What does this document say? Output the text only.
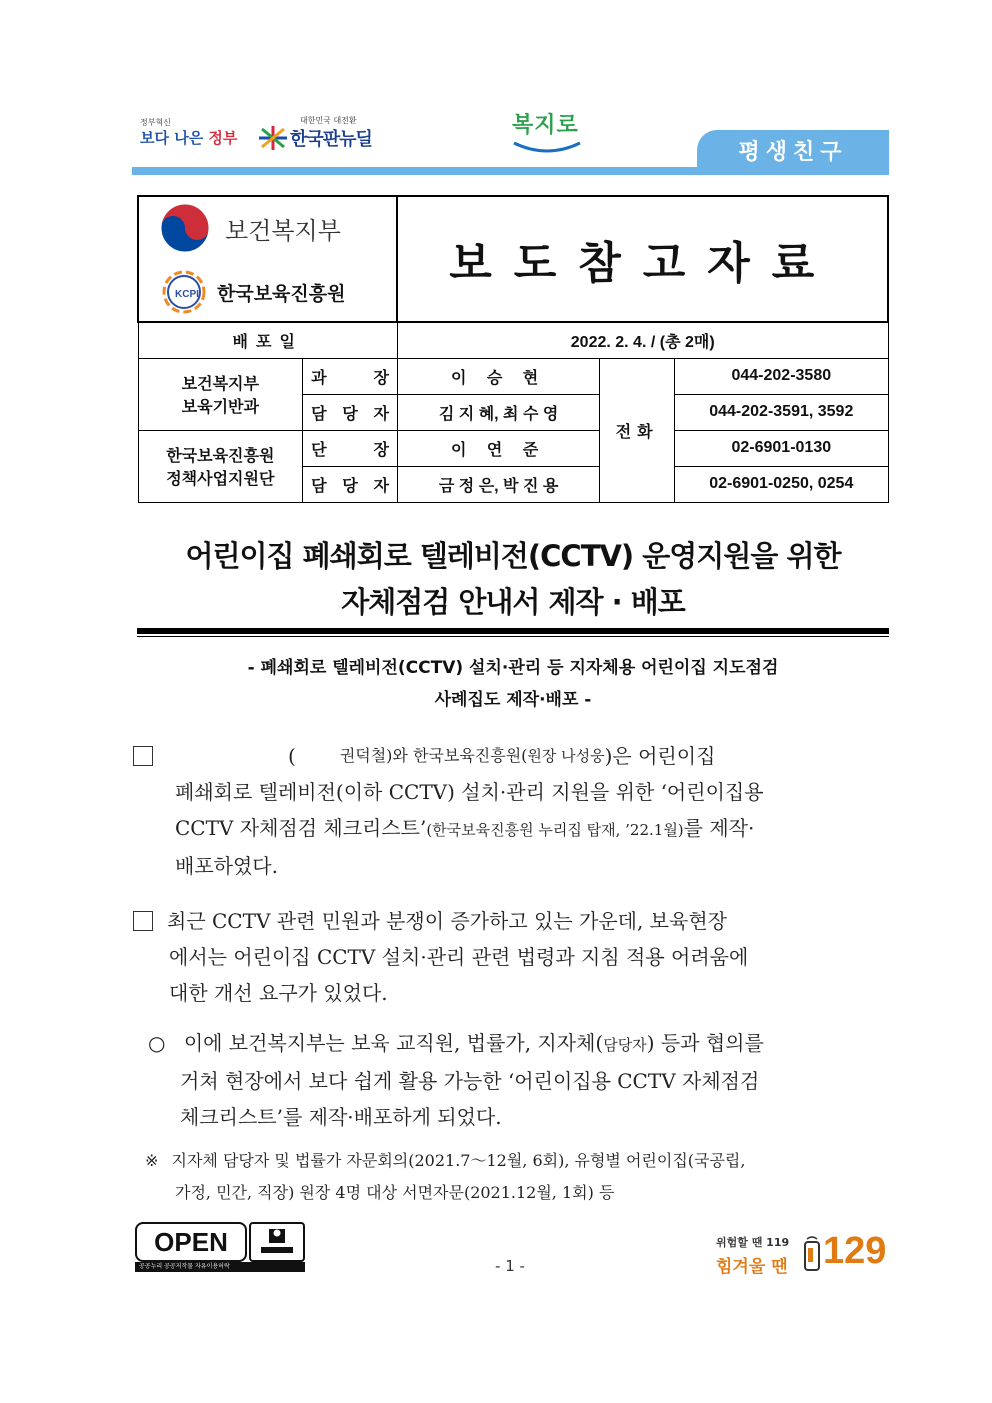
정부혁신
보다 나은 정부
대한민국 대전환
한국판뉴딜
복지로
평생친구
보건복지부
KCPI 한국보육진흥원		보도참고자료		
배포일		2022. 2. 4. / (총 2매)		

보건복지부
보육기반과	과 장	이 승 현	전화	044-202-3580
	담 당 자	김 지 혜, 최 수 영		044-202-3591, 3592

한국보육진흥원
정책사업지원단	단 장	이 연 준		02-6901-0130
	담 당 자	금 정 은, 박 진 용		02-6901-0250, 0254
어린이집 폐쇄회로 텔레비전(CCTV) 운영지원을 위한
자체점검 안내서 제작 · 배포
- 폐쇄회로 텔레비전(CCTV) 설치·관리 등 지자체용 어린이집 지도점검
사례집도 제작·배포 -
(	권덕철)와 한국보육진흥원( 원장 나성웅 )은 어린이집
폐쇄회로 텔레비전(이하 CCTV) 설치·관리 지원을 위한 ‘어린이집용
CCTV 자체점검 체크리스트’(한국보육진흥원 누리집 탑재, ’22.1월)를 제작·
배포하였다.
최근 CCTV 관련 민원과 분쟁이 증가하고 있는 가운데, 보육현장
에서는 어린이집 CCTV 설치·관리 관련 법령과 지침 적용 어려움에
대한 개선 요구가 있었다.
○ 이에 보건복지부는 보육 교직원, 법률가, 지자체(담당자) 등과 협의를
거쳐 현장에서 보다 쉽게 활용 가능한 ‘어린이집용 CCTV 자체점검
체크리스트’를 제작·배포하게 되었다.
※ 지자체 담당자 및 법률가 자문회의(2021.7～12월, 6회), 유형별 어린이집(국공립,
가정, 민간, 직장) 원장 4명 대상 서면자문(2021.12월, 1회) 등
OPEN
공공누리 공공저작물 자유이용허락	- 1 -
위험할 땐 119
힘겨울 땐 129
